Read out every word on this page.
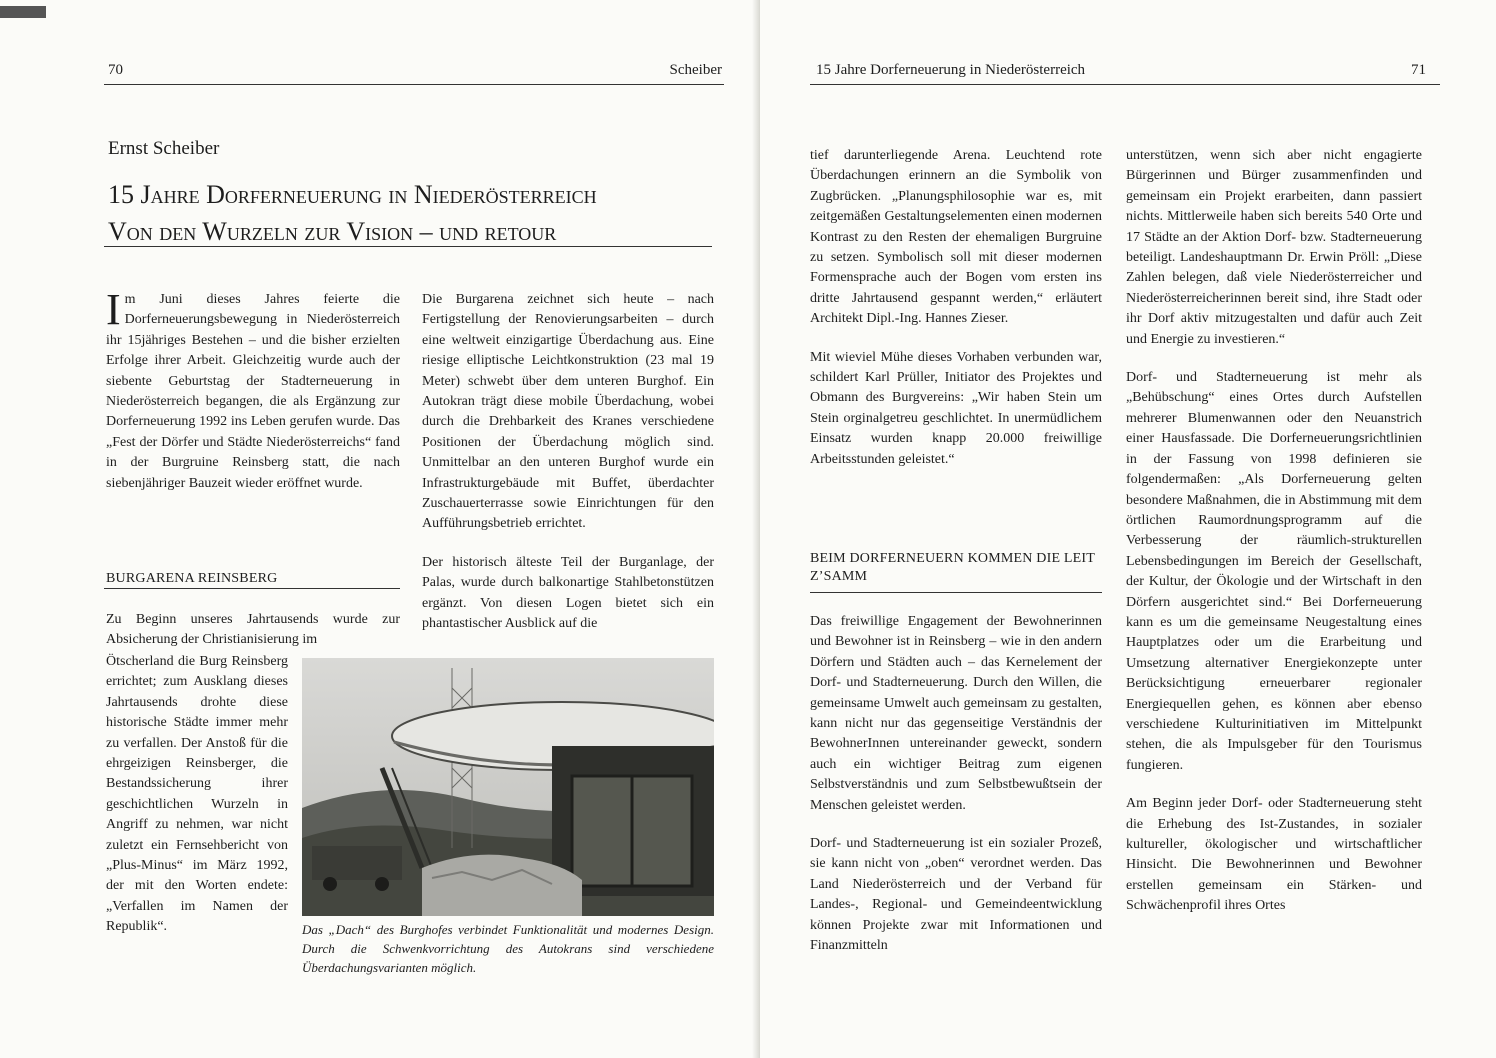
70	Scheiber
Ernst Scheiber
15 Jahre Dorferneuerung in Niederösterreich
Von den Wurzeln zur Vision – und retour

Im Juni dieses Jahres feierte die Dorferneuerungsbewegung in Niederösterreich ihr 15jähriges Bestehen – und die bisher erzielten Erfolge ihrer Arbeit. Gleichzeitig wurde auch der siebente Geburtstag der Stadterneuerung in Niederösterreich begangen, die als Ergänzung zur Dorferneuerung 1992 ins Leben gerufen wurde. Das „Fest der Dörfer und Städte Niederösterreichs“ fand in der Burgruine Reinsberg statt, die nach siebenjähriger Bauzeit wieder eröffnet wurde.

BURGARENA REINSBERG
Zu Beginn unseres Jahrtausends wurde zur Absicherung der Christianisierung im
Ötscherland die Burg Reinsberg errichtet; zum Ausklang dieses Jahrtausends drohte diese historische Städte immer mehr zu verfallen. Der Anstoß für die ehrgeizigen Reinsberger, die Bestandssicherung ihrer geschichtlichen Wurzeln in Angriff zu nehmen, war nicht zuletzt ein Fernsehbericht von „Plus-Minus“ im März 1992, der mit den Worten endete: „Verfallen im Namen der Republik“.

Die Burgarena zeichnet sich heute – nach Fertigstellung der Renovierungsarbeiten – durch eine weltweit einzigartige Überdachung aus. Eine riesige elliptische Leichtkonstruktion (23 mal 19 Meter) schwebt über dem unteren Burghof. Ein Autokran trägt diese mobile Überdachung, wobei durch die Drehbarkeit des Kranes verschiedene Positionen der Überdachung möglich sind. Unmittelbar an den unteren Burghof wurde ein Infrastrukturgebäude mit Buffet, überdachter Zuschauerterrasse sowie Einrichtungen für den Aufführungsbetrieb errichtet.

Der historisch älteste Teil der Burganlage, der Palas, wurde durch balkonartige Stahlbetonstützen ergänzt. Von diesen Logen bietet sich ein phantastischer Ausblick auf die

Das „Dach“ des Burghofes verbindet Funktionalität und modernes Design. Durch die Schwenkvorrichtung des Autokrans sind verschiedene Überdachungsvarianten möglich.
15 Jahre Dorferneuerung in Niederösterreich	71

tief darunterliegende Arena. Leuchtend rote Überdachungen erinnern an die Symbolik von Zugbrücken. „Planungsphilosophie war es, mit zeitgemäßen Gestaltungselementen einen modernen Kontrast zu den Resten der ehemaligen Burgruine zu setzen. Symbolisch soll mit dieser modernen Formensprache auch der Bogen vom ersten ins dritte Jahrtausend gespannt werden,“ erläutert Architekt Dipl.-Ing. Hannes Zieser.

Mit wieviel Mühe dieses Vorhaben verbunden war, schildert Karl Prüller, Initiator des Projektes und Obmann des Burgvereins: „Wir haben Stein um Stein orginalgetreu geschlichtet. In unermüdlichem Einsatz wurden knapp 20.000 freiwillige Arbeitsstunden geleistet.“

BEIM DORFERNEUERN KOMMEN DIE LEIT Z’SAMM

Das freiwillige Engagement der Bewohnerinnen und Bewohner ist in Reinsberg – wie in den andern Dörfern und Städten auch – das Kernelement der Dorf- und Stadterneuerung. Durch den Willen, die gemeinsame Umwelt auch gemeinsam zu gestalten, kann nicht nur das gegenseitige Verständnis der BewohnerInnen untereinander geweckt, sondern auch ein wichtiger Beitrag zum eigenen Selbstverständnis und zum Selbstbewußtsein der Menschen geleistet werden.

Dorf- und Stadterneuerung ist ein sozialer Prozeß, sie kann nicht von „oben“ verordnet werden. Das Land Niederösterreich und der Verband für Landes-, Regional- und Gemeindeentwicklung können Projekte zwar mit Informationen und Finanzmitteln

unterstützen, wenn sich aber nicht engagierte Bürgerinnen und Bürger zusammenfinden und gemeinsam ein Projekt erarbeiten, dann passiert nichts. Mittlerweile haben sich bereits 540 Orte und 17 Städte an der Aktion Dorf- bzw. Stadterneuerung beteiligt. Landeshauptmann Dr. Erwin Pröll: „Diese Zahlen belegen, daß viele Niederösterreicher und Niederösterreicherinnen bereit sind, ihre Stadt oder ihr Dorf aktiv mitzugestalten und dafür auch Zeit und Energie zu investieren.“

Dorf- und Stadterneuerung ist mehr als „Behübschung“ eines Ortes durch Aufstellen mehrerer Blumenwannen oder den Neuanstrich einer Hausfassade. Die Dorferneuerungsrichtlinien in der Fassung von 1998 definieren sie folgendermaßen: „Als Dorferneuerung gelten besondere Maßnahmen, die in Abstimmung mit dem örtlichen Raumordnungsprogramm auf die Verbesserung der räumlich-strukturellen Lebensbedingungen im Bereich der Gesellschaft, der Kultur, der Ökologie und der Wirtschaft in den Dörfern ausgerichtet sind.“ Bei Dorferneuerung kann es um die gemeinsame Neugestaltung eines Hauptplatzes oder um die Erarbeitung und Umsetzung alternativer Energiekonzepte unter Berücksichtigung erneuerbarer regionaler Energiequellen gehen, es können aber ebenso verschiedene Kulturinitiativen im Mittelpunkt stehen, die als Impulsgeber für den Tourismus fungieren.

Am Beginn jeder Dorf- oder Stadterneuerung steht die Erhebung des Ist-Zustandes, in sozialer kultureller, ökologischer und wirtschaftlicher Hinsicht. Die Bewohnerinnen und Bewohner erstellen gemeinsam ein Stärken- und Schwächenprofil ihres Ortes
